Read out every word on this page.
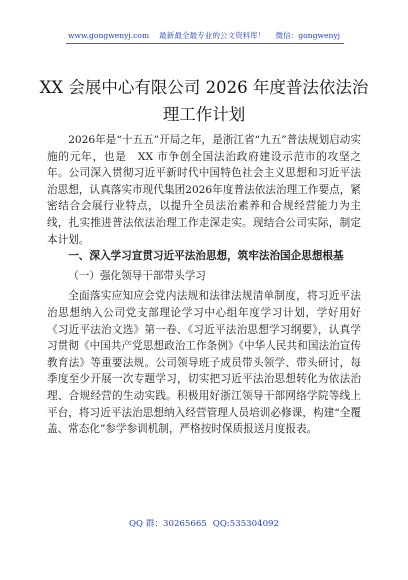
www.gongwenyj.com 最新最全最专业的公文资料库！ 微信：gongwenyj
XX 会展中心有限公司 2026 年度普法依法治
理工作计划

2026年是“十五五”开局之年，是浙江省“九五”普法规划启动实施的元年，也是　XX 市争创全国法治政府建设示范市的攻坚之年。公司深入贯彻习近平新时代中国特色社会主义思想和习近平法治思想，认真落实市现代集团2026年度普法依法治理工作要点，紧密结合会展行业特点，以提升全员法治素养和合规经营能力为主线，扎实推进普法依法治理工作走深走实。现结合公司实际，制定本计划。

一、深入学习宣贯习近平法治思想，筑牢法治国企思想根基

（一）强化领导干部带头学习

全面落实应知应会党内法规和法律法规清单制度，将习近平法治思想纳入公司党支部理论学习中心组年度学习计划，学好用好《习近平法治文选》第一卷、《习近平法治思想学习纲要》，认真学习贯彻《中国共产党思想政治工作条例》《中华人民共和国法治宣传教育法》等重要法规。公司领导班子成员带头领学、带头研讨，每季度至少开展一次专题学习，切实把习近平法治思想转化为依法治理、合规经营的生动实践。积极用好浙江领导干部网络学院等线上平台，将习近平法治思想纳入经营管理人员培训必修课，构建“全覆盖、常态化”参学参训机制，严格按时保质报送月度报表。

QQ 群：30265665 QQ:535304092
